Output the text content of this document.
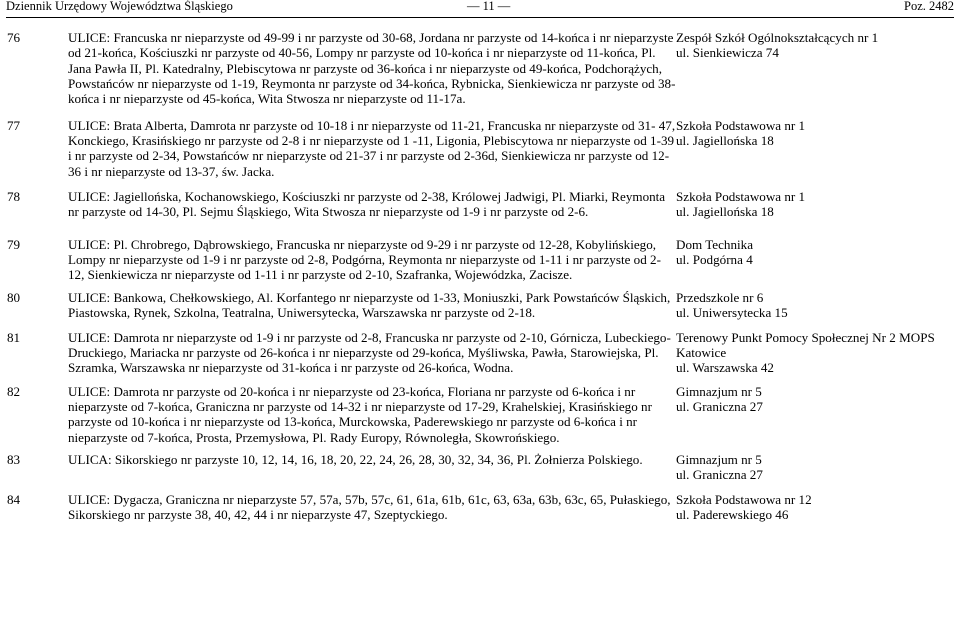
Dziennik Urzędowy Województwa Śląskiego	— 11 —	Poz. 2482
76	ULICE: Francuska nr nieparzyste od 49-99 i nr parzyste od 30-68, Jordana nr parzyste od 14-końca i nr nieparzyste od 21-końca, Kościuszki nr parzyste od 40-56, Lompy nr parzyste od 10-końca i nr nieparzyste od 11-końca, Pl. Jana Pawła II, Pl. Katedralny, Plebiscytowa nr parzyste od 36-końca i nr nieparzyste od 49-końca, Podchorążych, Powstańców nr nieparzyste od 1-19, Reymonta nr parzyste od 34-końca, Rybnicka, Sienkiewicza nr parzyste od 38-końca i nr nieparzyste od 45-końca, Wita Stwosza nr nieparzyste od 11-17a.	Zespół Szkół Ogólnokształcących nr 1
ul. Sienkiewicza 74

77	ULICE: Brata Alberta, Damrota nr parzyste od 10-18 i nr nieparzyste od 11-21, Francuska nr nieparzyste od 31- 47, Konckiego, Krasińskiego nr parzyste od 2-8 i nr nieparzyste od 1 -11, Ligonia, Plebiscytowa nr nieparzyste od 1-39 i nr parzyste od 2-34, Powstańców nr nieparzyste od 21-37 i nr parzyste od 2-36d, Sienkiewicza nr parzyste od 12-36 i nr nieparzyste od 13-37, św. Jacka.	Szkoła Podstawowa nr 1
ul. Jagiellońska 18

78	ULICE: Jagiellońska, Kochanowskiego, Kościuszki nr parzyste od 2-38, Królowej Jadwigi, Pl. Miarki, Reymonta nr parzyste od 14-30, Pl. Sejmu Śląskiego, Wita Stwosza nr nieparzyste od 1-9 i nr parzyste od 2-6.	Szkoła Podstawowa nr 1
ul. Jagiellońska 18

79	ULICE: Pl. Chrobrego, Dąbrowskiego, Francuska nr nieparzyste od 9-29 i nr parzyste od 12-28, Kobylińskiego, Lompy nr nieparzyste od 1-9 i nr parzyste od 2-8, Podgórna, Reymonta nr nieparzyste od 1-11 i nr parzyste od 2-12, Sienkiewicza nr nieparzyste od 1-11 i nr parzyste od 2-10, Szafranka, Wojewódzka, Zacisze.	Dom Technika
ul. Podgórna 4

80	ULICE: Bankowa, Chełkowskiego, Al. Korfantego nr nieparzyste od 1-33, Moniuszki, Park Powstańców Śląskich, Piastowska, Rynek, Szkolna, Teatralna, Uniwersytecka, Warszawska nr parzyste od 2-18.	Przedszkole nr 6
ul. Uniwersytecka 15

81	ULICE: Damrota nr nieparzyste od 1-9 i nr parzyste od 2-8, Francuska nr parzyste od 2-10, Górnicza, Lubeckiego-Druckiego, Mariacka nr parzyste od 26-końca i nr nieparzyste od 29-końca, Myśliwska, Pawła, Starowiejska, Pl. Szramka, Warszawska nr nieparzyste od 31-końca i nr parzyste od 26-końca, Wodna.	Terenowy Punkt Pomocy Społecznej Nr 2 MOPS Katowice
ul. Warszawska 42

82	ULICE: Damrota nr parzyste od 20-końca i nr nieparzyste od 23-końca, Floriana nr parzyste od 6-końca i nr nieparzyste od 7-końca, Graniczna nr parzyste od 14-32 i nr nieparzyste od 17-29, Krahelskiej, Krasińskiego nr parzyste od 10-końca i nr nieparzyste od 13-końca, Murckowska, Paderewskiego nr parzyste od 6-końca i nr nieparzyste od 7-końca, Prosta, Przemysłowa, Pl. Rady Europy, Równoległa, Skowrońskiego.	Gimnazjum nr 5
ul. Graniczna 27

83	ULICA: Sikorskiego nr parzyste 10, 12, 14, 16, 18, 20, 22, 24, 26, 28, 30, 32, 34, 36, Pl. Żołnierza Polskiego.	Gimnazjum nr 5
ul. Graniczna 27

84	ULICE: Dygacza, Graniczna nr nieparzyste 57, 57a, 57b, 57c, 61, 61a, 61b, 61c, 63, 63a, 63b, 63c, 65, Pułaskiego, Sikorskiego nr parzyste 38, 40, 42, 44 i nr nieparzyste 47, Szeptyckiego.	Szkoła Podstawowa nr 12
ul. Paderewskiego 46
